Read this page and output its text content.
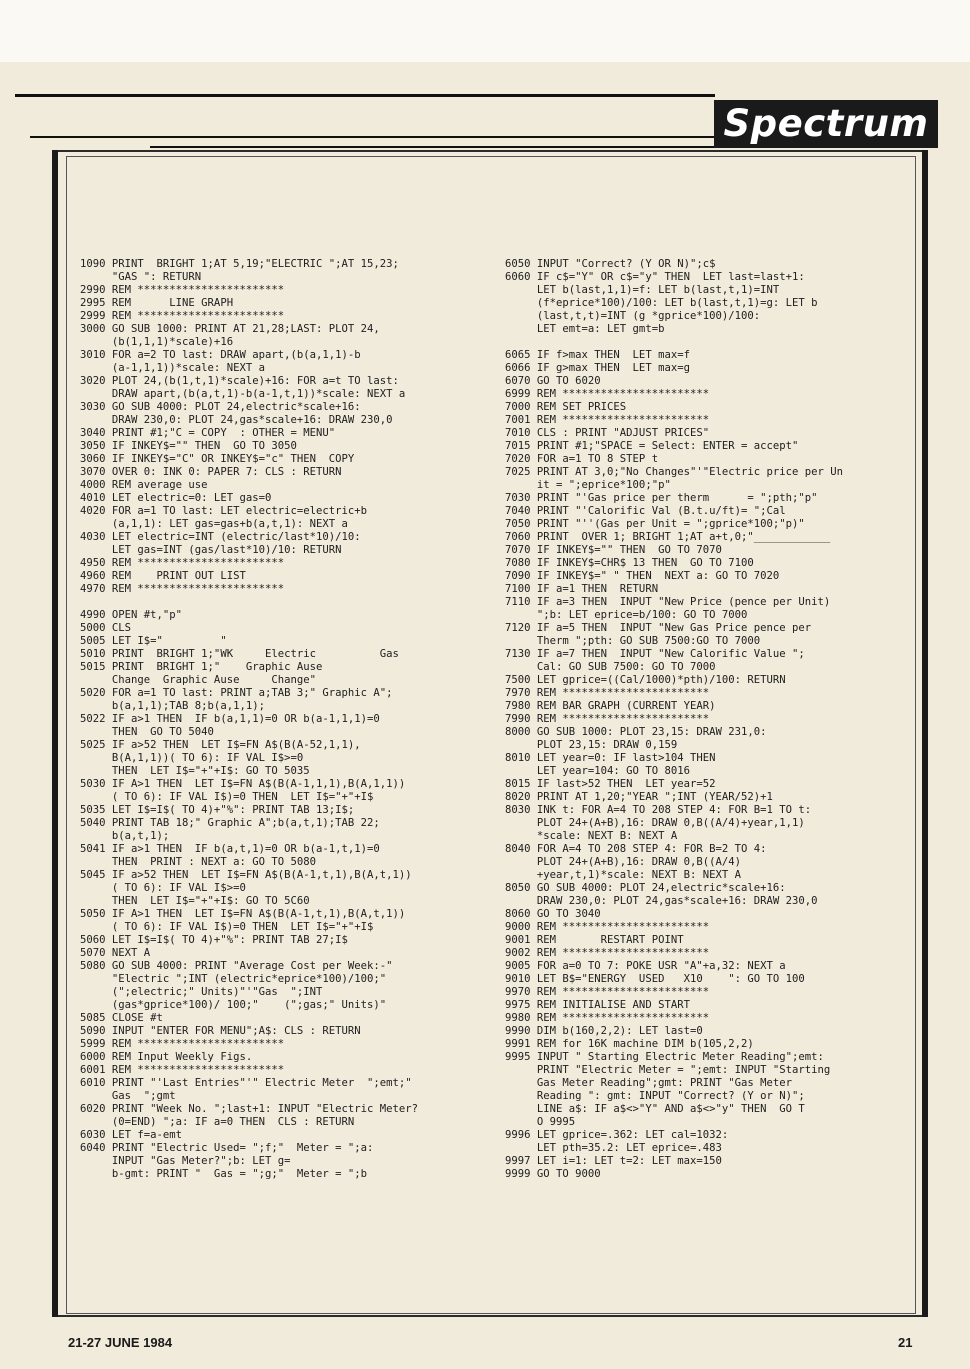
Spectrum
1090 PRINT  BRIGHT 1;AT 5,19;"ELECTRIC ";AT 15,23;
"GAS ": RETURN
2990 REM ***********************
2995 REM      LINE GRAPH
2999 REM ***********************
3000 GO SUB 1000: PRINT AT 21,28;LAST: PLOT 24,
(b(1,1,1)*scale)+16
3010 FOR a=2 TO last: DRAW apart,(b(a,1,1)-b
(a-1,1,1))*scale: NEXT a
3020 PLOT 24,(b(1,t,1)*scale)+16: FOR a=t TO last:
DRAW apart,(b(a,t,1)-b(a-1,t,1))*scale: NEXT a
3030 GO SUB 4000: PLOT 24,electric*scale+16:
DRAW 230,0: PLOT 24,gas*scale+16: DRAW 230,0
3040 PRINT #1;"C = COPY  : OTHER = MENU"
3050 IF INKEY$="" THEN  GO TO 3050
3060 IF INKEY$="C" OR INKEY$="c" THEN  COPY
3070 OVER 0: INK 0: PAPER 7: CLS : RETURN
4000 REM average use
4010 LET electric=0: LET gas=0
4020 FOR a=1 TO last: LET electric=electric+b
(a,1,1): LET gas=gas+b(a,t,1): NEXT a
4030 LET electric=INT (electric/last*10)/10:
LET gas=INT (gas/last*10)/10: RETURN
4950 REM ***********************
4960 REM    PRINT OUT LIST
4970 REM ***********************
4990 OPEN #t,"p"
5000 CLS
5005 LET I$="         "
5010 PRINT  BRIGHT 1;"WK     Electric          Gas
5015 PRINT  BRIGHT 1;"    Graphic Ause
Change  Graphic Ause     Change"
5020 FOR a=1 TO last: PRINT a;TAB 3;" Graphic A";
b(a,1,1);TAB 8;b(a,1,1);
5022 IF a>1 THEN  IF b(a,1,1)=0 OR b(a-1,1,1)=0
THEN  GO TO 5040
5025 IF a>52 THEN  LET I$=FN A$(B(A-52,1,1),
B(A,1,1))( TO 6): IF VAL I$>=0
THEN  LET I$="+"+I$: GO TO 5035
5030 IF A>1 THEN  LET I$=FN A$(B(A-1,1,1),B(A,1,1))
( TO 6): IF VAL I$)=0 THEN  LET I$="+"+I$
5035 LET I$=I$( TO 4)+"%": PRINT TAB 13;I$;
5040 PRINT TAB 18;" Graphic A";b(a,t,1);TAB 22;
b(a,t,1);
5041 IF a>1 THEN  IF b(a,t,1)=0 OR b(a-1,t,1)=0
THEN  PRINT : NEXT a: GO TO 5080
5045 IF a>52 THEN  LET I$=FN A$(B(A-1,t,1),B(A,t,1))
( TO 6): IF VAL I$>=0
THEN  LET I$="+"+I$: GO TO 5C60
5050 IF A>1 THEN  LET I$=FN A$(B(A-1,t,1),B(A,t,1))
( TO 6): IF VAL I$)=0 THEN  LET I$="+"+I$
5060 LET I$=I$( TO 4)+"%": PRINT TAB 27;I$
5070 NEXT A
5080 GO SUB 4000: PRINT "Average Cost per Week:-"
"Electric ";INT (electric*eprice*100)/100;"
(";electric;" Units)"'"Gas  ";INT
(gas*gprice*100)/ 100;"    (";gas;" Units)"
5085 CLOSE #t
5090 INPUT "ENTER FOR MENU";A$: CLS : RETURN
5999 REM ***********************
6000 REM Input Weekly Figs.
6001 REM ***********************
6010 PRINT "'Last Entries"'" Electric Meter  ";emt;"
Gas  ";gmt
6020 PRINT "Week No. ";last+1: INPUT "Electric Meter?
(0=END) ";a: IF a=0 THEN  CLS : RETURN
6030 LET f=a-emt
6040 PRINT "Electric Used= ";f;"  Meter = ";a:
INPUT "Gas Meter?";b: LET g=
b-gmt: PRINT "  Gas = ";g;"  Meter = ";b
6050 INPUT "Correct? (Y OR N)";c$
6060 IF c$="Y" OR c$="y" THEN  LET last=last+1:
LET b(last,1,1)=f: LET b(last,t,1)=INT
(f*eprice*100)/100: LET b(last,t,1)=g: LET b
(last,t,t)=INT (g *gprice*100)/100:
LET emt=a: LET gmt=b
6065 IF f>max THEN  LET max=f
6066 IF g>max THEN  LET max=g
6070 GO TO 6020
6999 REM ***********************
7000 REM SET PRICES
7001 REM ***********************
7010 CLS : PRINT "ADJUST PRICES"
7015 PRINT #1;"SPACE = Select: ENTER = accept"
7020 FOR a=1 TO 8 STEP t
7025 PRINT AT 3,0;"No Changes"'"Electric price per Un
it = ";eprice*100;"p"
7030 PRINT "'Gas price per therm      = ";pth;"p"
7040 PRINT "'Calorific Val (B.t.u/ft)= ";Cal
7050 PRINT "''(Gas per Unit = ";gprice*100;"p)"
7060 PRINT  OVER 1; BRIGHT 1;AT a+t,0;"____________
7070 IF INKEY$="" THEN  GO TO 7070
7080 IF INKEY$=CHR$ 13 THEN  GO TO 7100
7090 IF INKEY$=" " THEN  NEXT a: GO TO 7020
7100 IF a=1 THEN  RETURN
7110 IF a=3 THEN  INPUT "New Price (pence per Unit)
";b: LET eprice=b/100: GO TO 7000
7120 IF a=5 THEN  INPUT "New Gas Price pence per
Therm ";pth: GO SUB 7500:GO TO 7000
7130 IF a=7 THEN  INPUT "New Calorific Value ";
Cal: GO SUB 7500: GO TO 7000
7500 LET gprice=((Cal/1000)*pth)/100: RETURN
7970 REM ***********************
7980 REM BAR GRAPH (CURRENT YEAR)
7990 REM ***********************
8000 GO SUB 1000: PLOT 23,15: DRAW 231,0:
PLOT 23,15: DRAW 0,159
8010 LET year=0: IF last>104 THEN
LET year=104: GO TO 8016
8015 IF last>52 THEN  LET year=52
8020 PRINT AT 1,20;"YEAR ";INT (YEAR/52)+1
8030 INK t: FOR A=4 TO 208 STEP 4: FOR B=1 TO t:
PLOT 24+(A+B),16: DRAW 0,B((A/4)+year,1,1)
*scale: NEXT B: NEXT A
8040 FOR A=4 TO 208 STEP 4: FOR B=2 TO 4:
PLOT 24+(A+B),16: DRAW 0,B((A/4)
+year,t,1)*scale: NEXT B: NEXT A
8050 GO SUB 4000: PLOT 24,electric*scale+16:
DRAW 230,0: PLOT 24,gas*scale+16: DRAW 230,0
8060 GO TO 3040
9000 REM ***********************
9001 REM       RESTART POINT
9002 REM ***********************
9005 FOR a=0 TO 7: POKE USR "A"+a,32: NEXT a
9010 LET B$="ENERGY  USED   X10    ": GO TO 100
9970 REM ***********************
9975 REM INITIALISE AND START
9980 REM ***********************
9990 DIM b(160,2,2): LET last=0
9991 REM for 16K machine DIM b(105,2,2)
9995 INPUT " Starting Electric Meter Reading";emt:
PRINT "Electric Meter = ";emt: INPUT "Starting
Gas Meter Reading";gmt: PRINT "Gas Meter
Reading ": gmt: INPUT "Correct? (Y or N)";
LINE a$: IF a$<>"Y" AND a$<>"y" THEN  GO T
O 9995
9996 LET gprice=.362: LET cal=1032:
LET pth=35.2: LET eprice=.483
9997 LET i=1: LET t=2: LET max=150
9999 GO TO 9000
21-27 JUNE 1984	21
